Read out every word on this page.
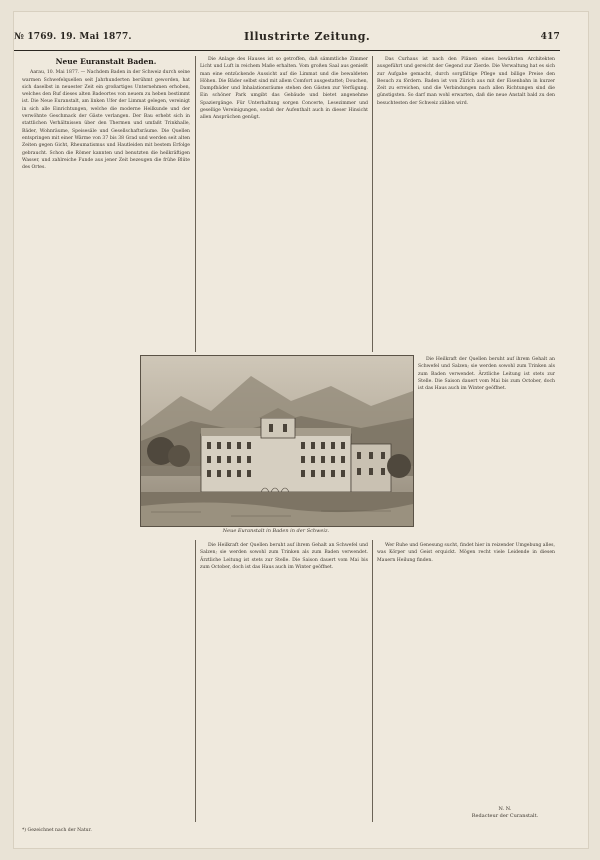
№ 1769. 19. Mai 1877.	Illustrirte Zeitung.	417
Neue Euranstalt Baden.

Aarau, 10. Mai 1877. — Nachdem Baden in der Schweiz durch seine warmen Schwefelquellen seit Jahrhunderten berühmt geworden, hat sich daselbst in neuester Zeit ein großartiges Unternehmen erhoben, welches den Ruf dieses alten Badeortes von neuem zu heben bestimmt ist. Die Neue Euranstalt, am linken Ufer der Limmat gelegen, vereinigt in sich alle Einrichtungen, welche die moderne Heilkunde und der verwöhnte Geschmack der Gäste verlangen. Der Bau erhebt sich in stattlichen Verhältnissen über den Thermen und umfaßt Trinkhalle, Bäder, Wohnräume, Speisesäle und Gesellschaftsräume. Die Quellen entspringen mit einer Wärme von 37 bis 38 Grad und werden seit alten Zeiten gegen Gicht, Rheumatismus und Hautleiden mit bestem Erfolge gebraucht. Schon die Römer kannten und benutzten die heilkräftigen Wasser, und zahlreiche Funde aus jener Zeit bezeugen die frühe Blüte des Ortes.

Die Anlage des Hauses ist so getroffen, daß sämmtliche Zimmer Licht und Luft in reichem Maße erhalten. Vom großen Saal aus genießt man eine entzückende Aussicht auf die Limmat und die bewaldeten Höhen. Die Bäder selbst sind mit allem Comfort ausgestattet; Douchen, Dampfbäder und Inhalationsräume stehen den Gästen zur Verfügung. Ein schöner Park umgibt das Gebäude und bietet angenehme Spaziergänge. Für Unterhaltung sorgen Concerte, Lesezimmer und gesellige Vereinigungen, sodaß der Aufenthalt auch in dieser Hinsicht allen Ansprüchen genügt.

Das Curhaus ist nach den Plänen eines bewährten Architekten ausgeführt und gereicht der Gegend zur Zierde. Die Verwaltung hat es sich zur Aufgabe gemacht, durch sorgfältige Pflege und billige Preise den Besuch zu fördern. Baden ist von Zürich aus mit der Eisenbahn in kurzer Zeit zu erreichen, und die Verbindungen nach allen Richtungen sind die günstigsten. So darf man wohl erwarten, daß die neue Anstalt bald zu den besuchtesten der Schweiz zählen wird.

Die Heilkraft der Quellen beruht auf ihrem Gehalt an Schwefel und Salzen; sie werden sowohl zum Trinken als zum Baden verwendet. Ärztliche Leitung ist stets zur Stelle. Die Saison dauert vom Mai bis zum October, doch ist das Haus auch im Winter geöffnet.

Die Heilkraft der Quellen beruht auf ihrem Gehalt an Schwefel und Salzen; sie werden sowohl zum Trinken als zum Baden verwendet. Ärztliche Leitung ist stets zur Stelle. Die Saison dauert vom Mai bis zum October, doch ist das Haus auch im Winter geöffnet.

Wer Ruhe und Genesung sucht, findet hier in reizender Umgebung alles, was Körper und Geist erquickt. Mögen recht viele Leidende in diesen Mauern Heilung finden.

Neue Euranstalt in Baden in der Schweiz.
N. N.
Redacteur der Curanstalt.
*) Gezeichnet nach der Natur.
